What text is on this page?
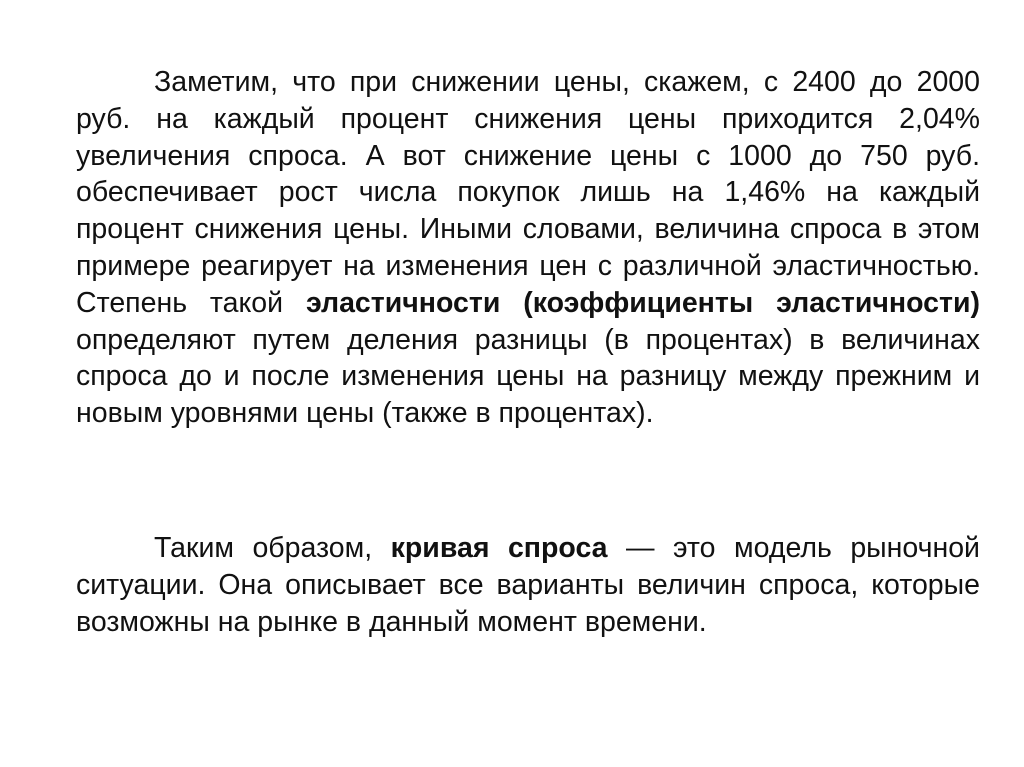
Заметим, что при снижении цены, скажем, с 2400 до 2000 руб. на каждый процент снижения цены приходится 2,04% увеличения спроса. А вот снижение цены с 1000 до 750 руб. обеспечивает рост числа покупок лишь на 1,46% на каждый процент снижения цены. Иными словами, величина спроса в этом примере реагирует на изменения цен с различной эластичностью. Степень такой эластичности (коэффициенты эластичности) определяют путем деления разницы (в процентах) в величинах спроса до и после изменения цены на разницу между прежним и новым уровнями цены (также в процентах).

Таким образом, кривая спроса — это модель рыночной ситуации. Она описывает все варианты величин спроса, которые возможны на рынке в данный момент времени.
